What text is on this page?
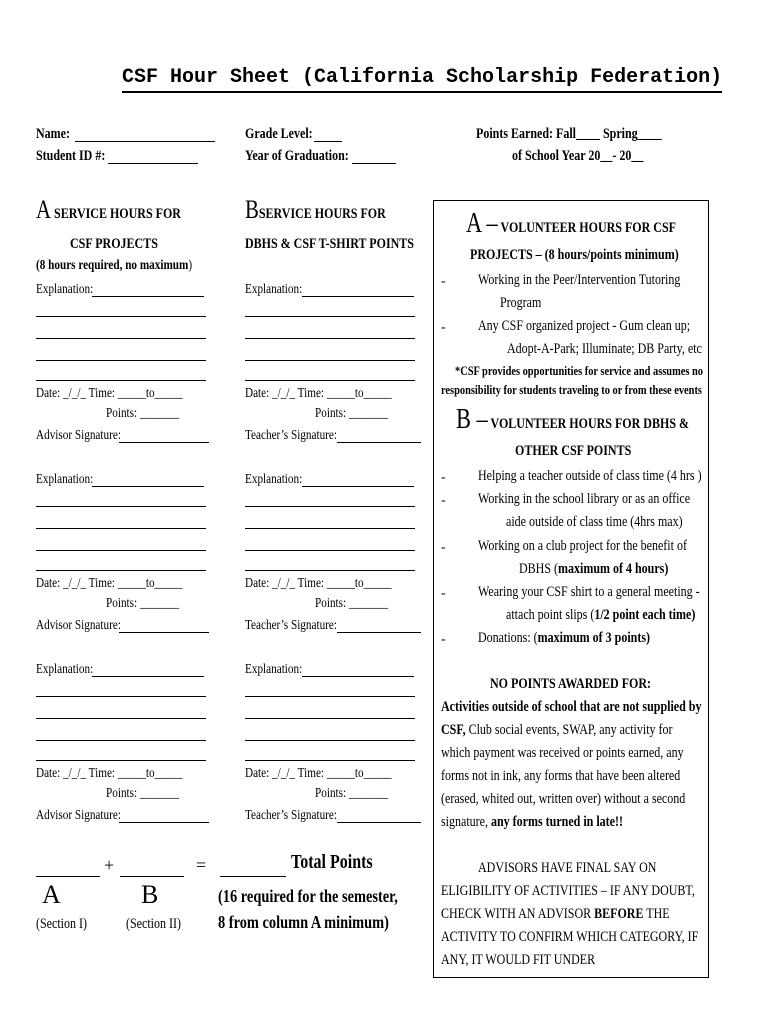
CSF Hour Sheet (California Scholarship Federation)
Name:
Student ID #:
Grade Level:
Year of Graduation:
Points Earned: Fall____ Spring____
of School Year 20__- 20__
A SERVICE HOURS FOR
CSF PROJECTS
(8 hours required, no maximum)
BSERVICE HOURS FOR
DBHS & CSF T-SHIRT POINTS
Explanation:
Date: _/_/_ Time: _____to_____
Points: _______
Advisor Signature:
Explanation:
Date: _/_/_ Time: _____to_____
Points: _______
Advisor Signature:
Explanation:
Date: _/_/_ Time: _____to_____
Points: _______
Advisor Signature:
Explanation:
Date: _/_/_ Time: _____to_____
Points: _______
Teacher’s Signature:
Explanation:
Date: _/_/_ Time: _____to_____
Points: _______
Teacher’s Signature:
Explanation:
Date: _/_/_ Time: _____to_____
Points: _______
Teacher’s Signature:
+	=	Total Points
A	B
(Section I)	(Section II)
(16 required for the semester,
8 from column A minimum)
A – VOLUNTEER HOURS FOR CSF
PROJECTS – (8 hours/points minimum)
- Working in the Peer/Intervention Tutoring
Program
- Any CSF organized project - Gum clean up;
Adopt-A-Park; Illuminate; DB Party, etc
*CSF provides opportunities for service and assumes no
responsibility for students traveling to or from these events
B – VOLUNTEER HOURS FOR DBHS &
OTHER CSF POINTS
- Helping a teacher outside of class time (4 hrs )
- Working in the school library or as an office
aide outside of class time (4hrs max)
- Working on a club project for the benefit of
DBHS (maximum of 4 hours)
- Wearing your CSF shirt to a general meeting -
attach point slips (1/2 point each time)
- Donations: (maximum of 3 points)
NO POINTS AWARDED FOR:
Activities outside of school that are not supplied by
CSF, Club social events, SWAP, any activity for
which payment was received or points earned, any
forms not in ink, any forms that have been altered
(erased, whited out, written over) without a second
signature, any forms turned in late!!
ADVISORS HAVE FINAL SAY ON
ELIGIBILITY OF ACTIVITIES – IF ANY DOUBT,
CHECK WITH AN ADVISOR BEFORE THE
ACTIVITY TO CONFIRM WHICH CATEGORY, IF
ANY, IT WOULD FIT UNDER
